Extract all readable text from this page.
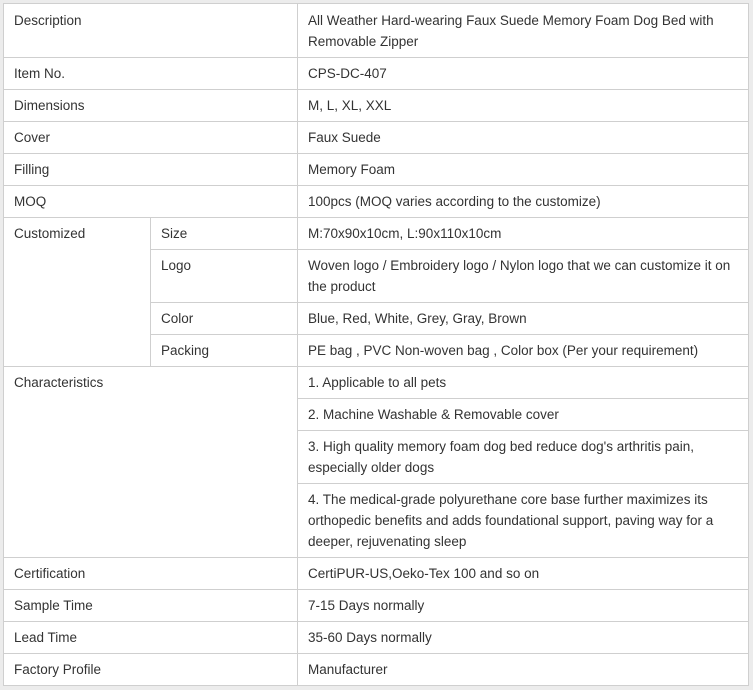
Description		All Weather Hard-wearing Faux Suede Memory Foam Dog Bed with Removable Zipper
Item No.		CPS-DC-407
Dimensions		M, L, XL, XXL
Cover		Faux Suede
Filling		Memory Foam
MOQ		100pcs (MOQ varies according to the customize)
Customized	Size	M:70x90x10cm, L:90x110x10cm
	Logo	Woven logo / Embroidery logo / Nylon logo that we can customize it on the product
	Color	Blue, Red, White, Grey, Gray, Brown
	Packing	PE bag , PVC Non-woven bag , Color box (Per your requirement)
Characteristics		1. Applicable to all pets
		2. Machine Washable & Removable cover
		3. High quality memory foam dog bed reduce dog's arthritis pain, especially older dogs
		4. The medical-grade polyurethane core base further maximizes its orthopedic benefits and adds foundational support, paving way for a deeper, rejuvenating sleep
Certification		CertiPUR-US,Oeko-Tex 100 and so on
Sample Time		7-15 Days normally
Lead Time		35-60 Days normally
Factory Profile		Manufacturer
